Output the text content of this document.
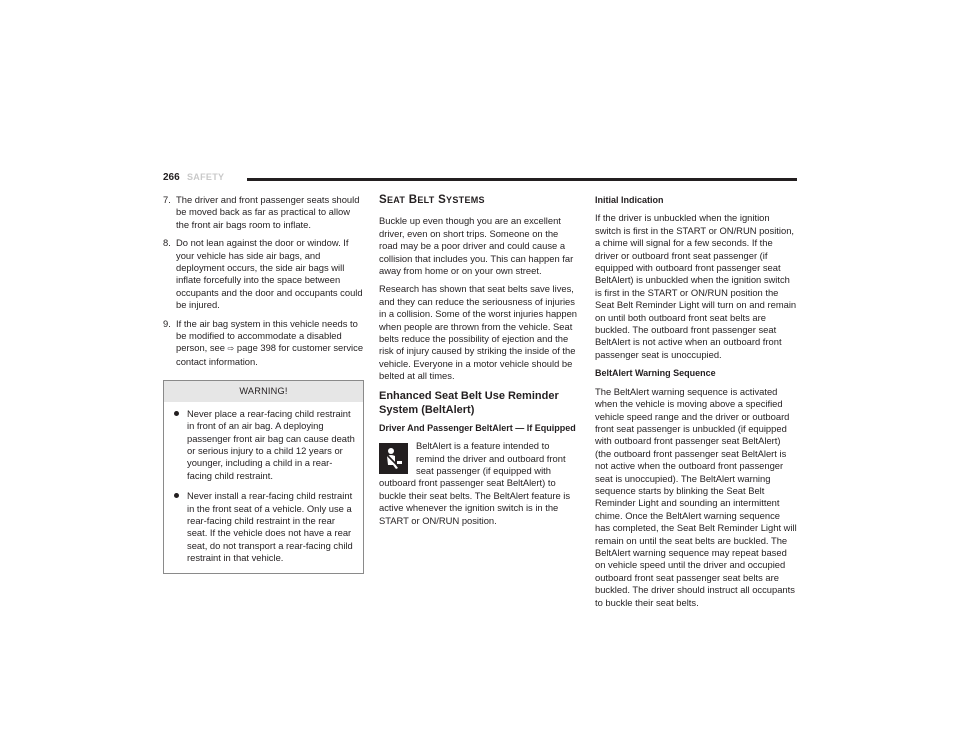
266 SAFETY
7. The driver and front passenger seats should be moved back as far as practical to allow the front air bags room to inflate.
8. Do not lean against the door or window. If your vehicle has side air bags, and deployment occurs, the side air bags will inflate forcefully into the space between occupants and the door and occupants could be injured.
9. If the air bag system in this vehicle needs to be modified to accommodate a disabled person, see ⇨ page 398 for customer service contact information.
WARNING!
Never place a rear-facing child restraint in front of an air bag. A deploying passenger front air bag can cause death or serious injury to a child 12 years or younger, including a child in a rear-facing child restraint.
Never install a rear-facing child restraint in the front seat of a vehicle. Only use a rear-facing child restraint in the rear seat. If the vehicle does not have a rear seat, do not transport a rear-facing child restraint in that vehicle.
SEAT BELT SYSTEMS

Buckle up even though you are an excellent driver, even on short trips. Someone on the road may be a poor driver and could cause a collision that includes you. This can happen far away from home or on your own street.

Research has shown that seat belts save lives, and they can reduce the seriousness of injuries in a collision. Some of the worst injuries happen when people are thrown from the vehicle. Seat belts reduce the possibility of ejection and the risk of injury caused by striking the inside of the vehicle. Everyone in a motor vehicle should be belted at all times.

Enhanced Seat Belt Use Reminder System (BeltAlert)
Driver And Passenger BeltAlert — If Equipped

BeltAlert is a feature intended to remind the driver and outboard front seat passenger (if equipped with outboard front passenger seat BeltAlert) to buckle their seat belts. The BeltAlert feature is active whenever the ignition switch is in the START or ON/RUN position.

Initial Indication

If the driver is unbuckled when the ignition switch is first in the START or ON/RUN position, a chime will signal for a few seconds. If the driver or outboard front seat passenger (if equipped with outboard front passenger seat BeltAlert) is unbuckled when the ignition switch is first in the START or ON/RUN position the Seat Belt Reminder Light will turn on and remain on until both outboard front seat belts are buckled. The outboard front passenger seat BeltAlert is not active when an outboard front passenger seat is unoccupied.

BeltAlert Warning Sequence

The BeltAlert warning sequence is activated when the vehicle is moving above a specified vehicle speed range and the driver or outboard front seat passenger is unbuckled (if equipped with outboard front passenger seat BeltAlert) (the outboard front passenger seat BeltAlert is not active when the outboard front passenger seat is unoccupied). The BeltAlert warning sequence starts by blinking the Seat Belt Reminder Light and sounding an intermittent chime. Once the BeltAlert warning sequence has completed, the Seat Belt Reminder Light will remain on until the seat belts are buckled. The BeltAlert warning sequence may repeat based on vehicle speed until the driver and occupied outboard front seat passenger seat belts are buckled. The driver should instruct all occupants to buckle their seat belts.
